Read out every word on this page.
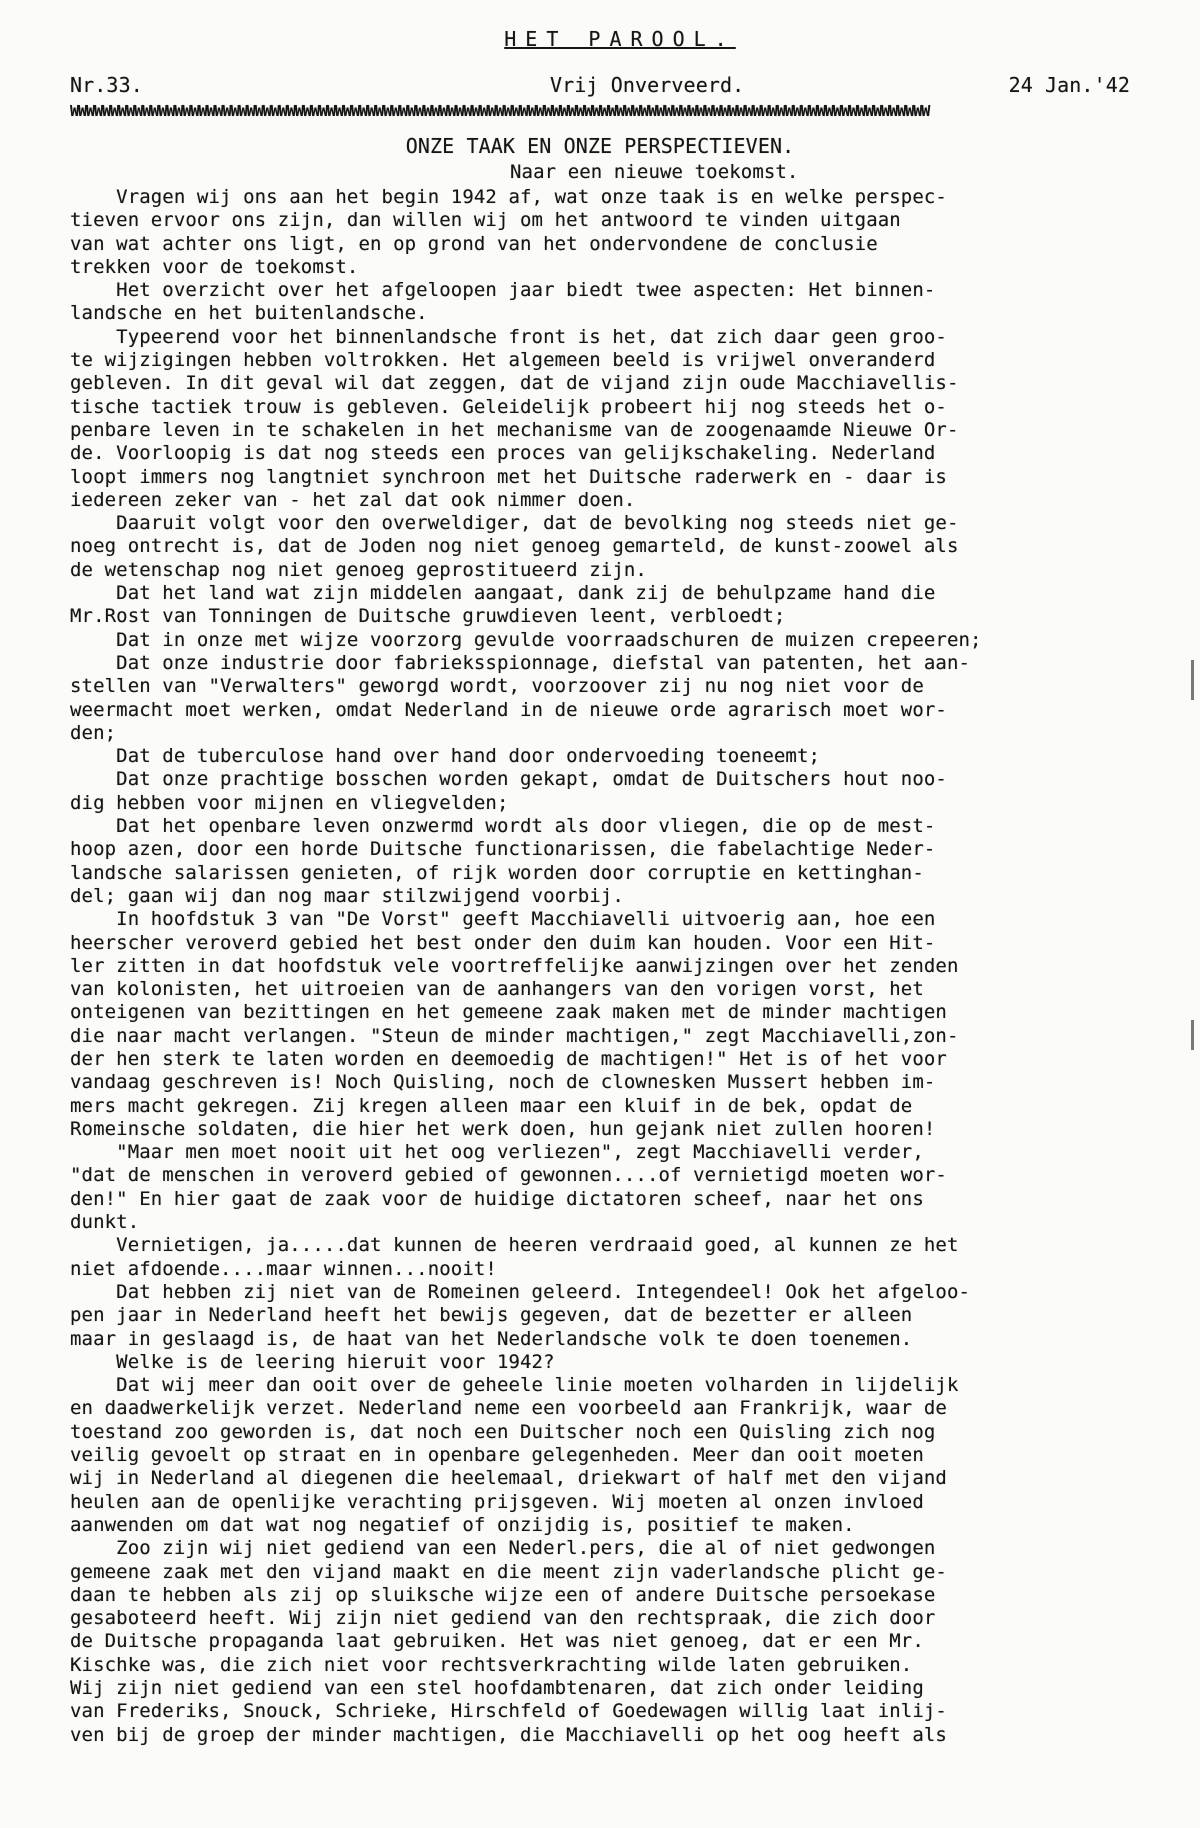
HET PAROOL.
Nr.33.	Vrij Onverveerd.	24 Jan.'42
WWWWWWWWWWWWWWWWWWWWWWWWWWWWWWWWWWWWWWWWWWWWWWWWWWWWWWWWWWWWWWWWWWWWWWWWWWWWWWWWWWWWWWWWWWWWWWWWWWWWWWWWWWW
ONZE TAAK EN ONZE PERSPECTIEVEN.
Naar een nieuwe toekomst.
Vragen wij ons aan het begin 1942 af, wat onze taak is en welke perspec-
tieven ervoor ons zijn, dan willen wij om het antwoord te vinden uitgaan
van wat achter ons ligt, en op grond van het ondervondene de conclusie
trekken voor de toekomst.
Het overzicht over het afgeloopen jaar biedt twee aspecten: Het binnen-
landsche en het buitenlandsche.
Typeerend voor het binnenlandsche front is het, dat zich daar geen groo-
te wijzigingen hebben voltrokken. Het algemeen beeld is vrijwel onveranderd
gebleven. In dit geval wil dat zeggen, dat de vijand zijn oude Macchiavellis-
tische tactiek trouw is gebleven. Geleidelijk probeert hij nog steeds het o-
penbare leven in te schakelen in het mechanisme van de zoogenaamde Nieuwe Or-
de. Voorloopig is dat nog steeds een proces van gelijkschakeling. Nederland
loopt immers nog langtniet synchroon met het Duitsche raderwerk en - daar is
iedereen zeker van - het zal dat ook nimmer doen.
Daaruit volgt voor den overweldiger, dat de bevolking nog steeds niet ge-
noeg ontrecht is, dat de Joden nog niet genoeg gemarteld, de kunst-zoowel als
de wetenschap nog niet genoeg geprostitueerd zijn.
Dat het land wat zijn middelen aangaat, dank zij de behulpzame hand die
Mr.Rost van Tonningen de Duitsche gruwdieven leent, verbloedt;
Dat in onze met wijze voorzorg gevulde voorraadschuren de muizen crepeeren;
Dat onze industrie door fabrieksspionnage, diefstal van patenten, het aan-
stellen van "Verwalters" geworgd wordt, voorzoover zij nu nog niet voor de
weermacht moet werken, omdat Nederland in de nieuwe orde agrarisch moet wor-
den;
Dat de tuberculose hand over hand door ondervoeding toeneemt;
Dat onze prachtige bosschen worden gekapt, omdat de Duitschers hout noo-
dig hebben voor mijnen en vliegvelden;
Dat het openbare leven onzwermd wordt als door vliegen, die op de mest-
hoop azen, door een horde Duitsche functionarissen, die fabelachtige Neder-
landsche salarissen genieten, of rijk worden door corruptie en kettinghan-
del; gaan wij dan nog maar stilzwijgend voorbij.
In hoofdstuk 3 van "De Vorst" geeft Macchiavelli uitvoerig aan, hoe een
heerscher veroverd gebied het best onder den duim kan houden. Voor een Hit-
ler zitten in dat hoofdstuk vele voortreffelijke aanwijzingen over het zenden
van kolonisten, het uitroeien van de aanhangers van den vorigen vorst, het
onteigenen van bezittingen en het gemeene zaak maken met de minder machtigen
die naar macht verlangen. "Steun de minder machtigen," zegt Macchiavelli,zon-
der hen sterk te laten worden en deemoedig de machtigen!" Het is of het voor
vandaag geschreven is! Noch Quisling, noch de clownesken Mussert hebben im-
mers macht gekregen. Zij kregen alleen maar een kluif in de bek, opdat de
Romeinsche soldaten, die hier het werk doen, hun gejank niet zullen hooren!
"Maar men moet nooit uit het oog verliezen", zegt Macchiavelli verder,
"dat de menschen in veroverd gebied of gewonnen....of vernietigd moeten wor-
den!" En hier gaat de zaak voor de huidige dictatoren scheef, naar het ons
dunkt.
Vernietigen, ja.....dat kunnen de heeren verdraaid goed, al kunnen ze het
niet afdoende....maar winnen...nooit!
Dat hebben zij niet van de Romeinen geleerd. Integendeel! Ook het afgeloo-
pen jaar in Nederland heeft het bewijs gegeven, dat de bezetter er alleen
maar in geslaagd is, de haat van het Nederlandsche volk te doen toenemen.
Welke is de leering hieruit voor 1942?
Dat wij meer dan ooit over de geheele linie moeten volharden in lijdelijk
en daadwerkelijk verzet. Nederland neme een voorbeeld aan Frankrijk, waar de
toestand zoo geworden is, dat noch een Duitscher noch een Quisling zich nog
veilig gevoelt op straat en in openbare gelegenheden. Meer dan ooit moeten
wij in Nederland al diegenen die heelemaal, driekwart of half met den vijand
heulen aan de openlijke verachting prijsgeven. Wij moeten al onzen invloed
aanwenden om dat wat nog negatief of onzijdig is, positief te maken.
Zoo zijn wij niet gediend van een Nederl.pers, die al of niet gedwongen
gemeene zaak met den vijand maakt en die meent zijn vaderlandsche plicht ge-
daan te hebben als zij op sluiksche wijze een of andere Duitsche persoekase
gesaboteerd heeft. Wij zijn niet gediend van den rechtspraak, die zich door
de Duitsche propaganda laat gebruiken. Het was niet genoeg, dat er een Mr.
Kischke was, die zich niet voor rechtsverkrachting wilde laten gebruiken.
Wij zijn niet gediend van een stel hoofdambtenaren, dat zich onder leiding
van Frederiks, Snouck, Schrieke, Hirschfeld of Goedewagen willig laat inlij-
ven bij de groep der minder machtigen, die Macchiavelli op het oog heeft als
